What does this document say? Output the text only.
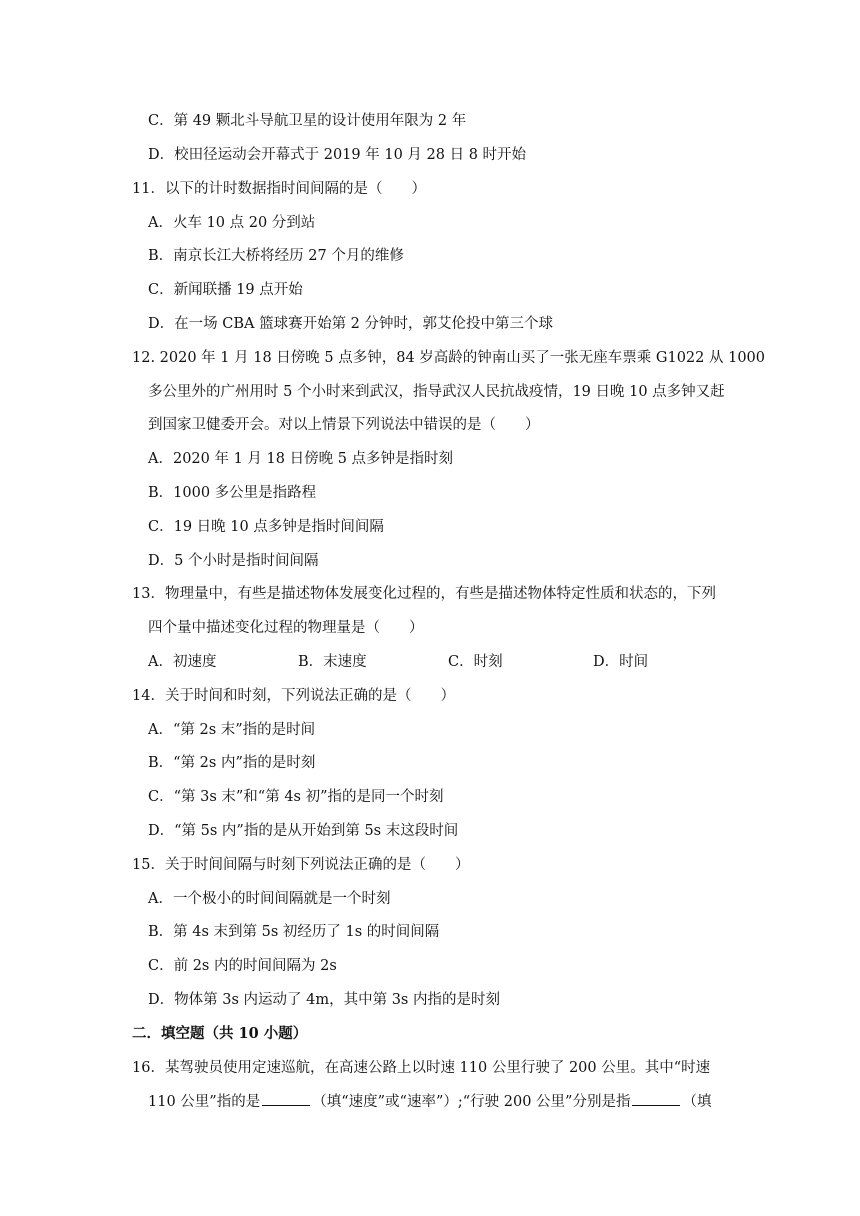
C．第 49 颗北斗导航卫星的设计使用年限为 2 年
D．校田径运动会开幕式于 2019 年 10 月 28 日 8 时开始
11．以下的计时数据指时间间隔的是（　　）
A．火车 10 点 20 分到站
B．南京长江大桥将经历 27 个月的维修
C．新闻联播 19 点开始
D．在一场 CBA 篮球赛开始第 2 分钟时，郭艾伦投中第三个球
12. 2020 年 1 月 18 日傍晚 5 点多钟，84 岁高龄的钟南山买了一张无座车票乘 G1022 从 1000
多公里外的广州用时 5 个小时来到武汉，指导武汉人民抗战疫情，19 日晚 10 点多钟又赶
到国家卫健委开会。对以上情景下列说法中错误的是（　　）
A．2020 年 1 月 18 日傍晚 5 点多钟是指时刻
B．1000 多公里是指路程
C．19 日晚 10 点多钟是指时间间隔
D．5 个小时是指时间间隔
13．物理量中，有些是描述物体发展变化过程的，有些是描述物体特定性质和状态的，下列
四个量中描述变化过程的物理量是（　　）
A．初速度	B．末速度	C．时刻	D．时间
14．关于时间和时刻，下列说法正确的是（　　）
A．“第 2s 末”指的是时间
B．“第 2s 内”指的是时刻
C．“第 3s 末”和“第 4s 初”指的是同一个时刻
D．“第 5s 内”指的是从开始到第 5s 末这段时间
15．关于时间间隔与时刻下列说法正确的是（　　）
A．一个极小的时间间隔就是一个时刻
B．第 4s 末到第 5s 初经历了 1s 的时间间隔
C．前 2s 内的时间间隔为 2s
D．物体第 3s 内运动了 4m，其中第 3s 内指的是时刻
二．填空题（共 10 小题）
16．某驾驶员使用定速巡航，在高速公路上以时速 110 公里行驶了 200 公里。其中“时速
110 公里”指的是	（填“速度”或“速率”）;“行驶 200 公里”分别是指	（填
